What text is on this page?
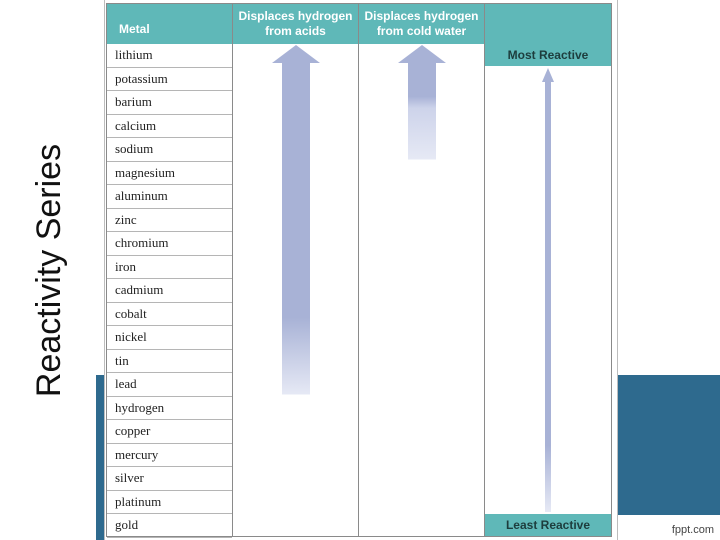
Reactivity Series
Metal
Displaces hydrogen from acids
Displaces hydrogen from cold water
lithium
potassium
barium
calcium
sodium
magnesium
aluminum
zinc
chromium
iron
cadmium
cobalt
nickel
tin
lead
hydrogen
copper
mercury
silver
platinum
gold
Most Reactive
Least Reactive	fppt.com
